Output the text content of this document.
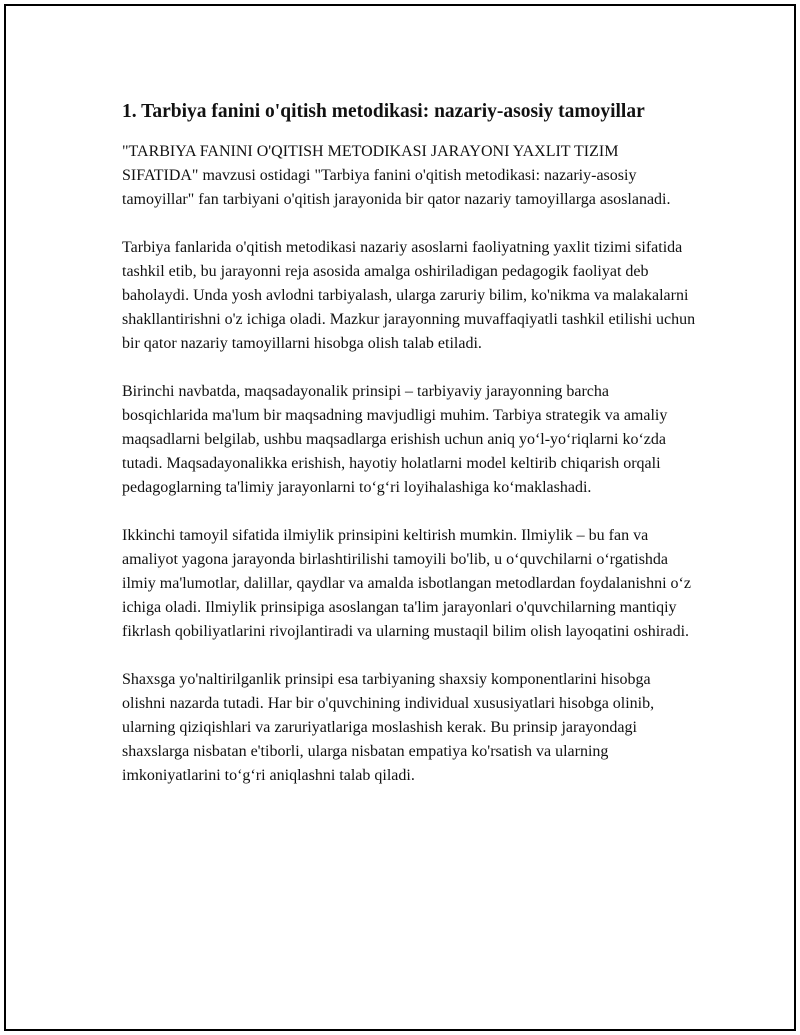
1. Tarbiya fanini o'qitish metodikasi: nazariy-asosiy tamoyillar

"TARBIYA FANINI O'QITISH METODIKASI JARAYONI YAXLIT TIZIM SIFATIDA" mavzusi ostidagi "Tarbiya fanini o'qitish metodikasi: nazariy-asosiy tamoyillar" fan tarbiyani o'qitish jarayonida bir qator nazariy tamoyillarga asoslanadi.

Tarbiya fanlarida o'qitish metodikasi nazariy asoslarni faoliyatning yaxlit tizimi sifatida tashkil etib, bu jarayonni reja asosida amalga oshiriladigan pedagogik faoliyat deb baholaydi. Unda yosh avlodni tarbiyalash, ularga zaruriy bilim, ko'nikma va malakalarni shakllantirishni o'z ichiga oladi. Mazkur jarayonning muvaffaqiyatli tashkil etilishi uchun bir qator nazariy tamoyillarni hisobga olish talab etiladi.

Birinchi navbatda, maqsadayonalik prinsipi – tarbiyaviy jarayonning barcha bosqichlarida ma'lum bir maqsadning mavjudligi muhim. Tarbiya strategik va amaliy maqsadlarni belgilab, ushbu maqsadlarga erishish uchun aniq yo‘l-yo‘riqlarni ko‘zda tutadi. Maqsadayonalikka erishish, hayotiy holatlarni model keltirib chiqarish orqali pedagoglarning ta'limiy jarayonlarni to‘g‘ri loyihalashiga ko‘maklashadi.

Ikkinchi tamoyil sifatida ilmiylik prinsipini keltirish mumkin. Ilmiylik – bu fan va amaliyot yagona jarayonda birlashtirilishi tamoyili bo'lib, u o‘quvchilarni o‘rgatishda ilmiy ma'lumotlar, dalillar, qaydlar va amalda isbotlangan metodlardan foydalanishni o‘z ichiga oladi. Ilmiylik prinsipiga asoslangan ta'lim jarayonlari o'quvchilarning mantiqiy fikrlash qobiliyatlarini rivojlantiradi va ularning mustaqil bilim olish layoqatini oshiradi.

Shaxsga yo'naltirilganlik prinsipi esa tarbiyaning shaxsiy komponentlarini hisobga olishni nazarda tutadi. Har bir o'quvchining individual xususiyatlari hisobga olinib, ularning qiziqishlari va zaruriyatlariga moslashish kerak. Bu prinsip jarayondagi shaxslarga nisbatan e'tiborli, ularga nisbatan empatiya ko'rsatish va ularning imkoniyatlarini to‘g‘ri aniqlashni talab qiladi.
